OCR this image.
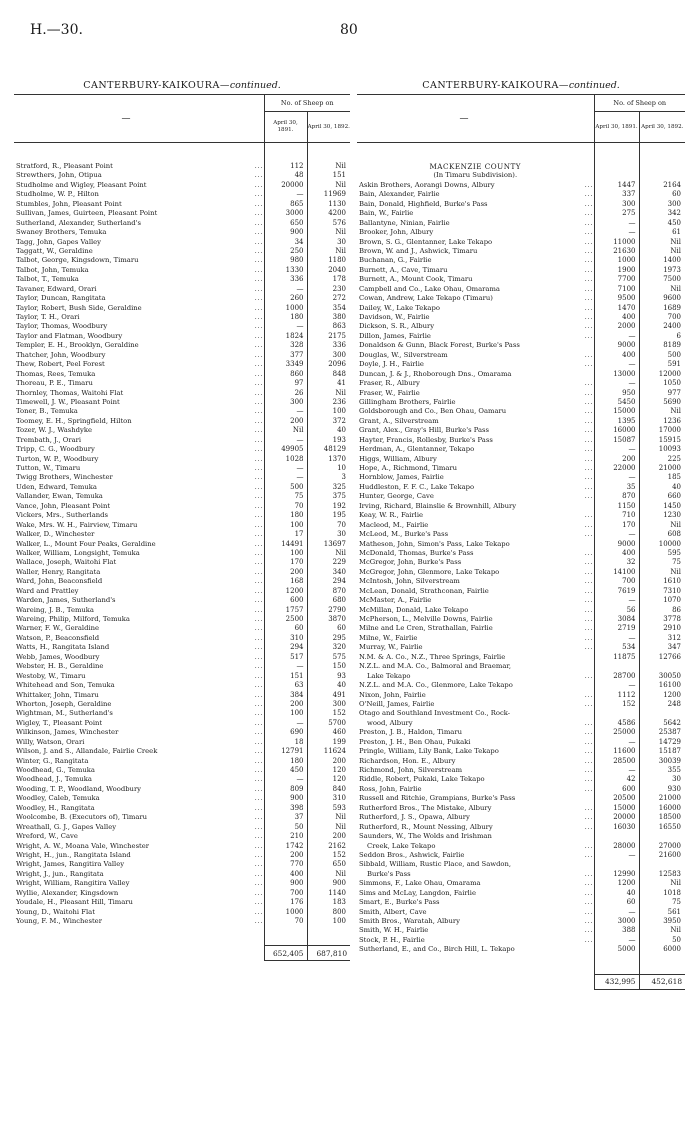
H.—30.	80
CANTERBURY-KAIKOURA—continued.
—		No. of Sheep on	
		April 30, 1891.	April 30, 1892.

Stratford, R., Pleasant Point	...	112	Nil
Strewthers, John, Otipua	...	48	151
Studholme and Wigley, Pleasant Point	...	20000	Nil
Studholme, W. P., Hilton	...	—	11969
Stumbles, John, Pleasant Point	...	865	1130
Sullivan, James, Guirteen, Pleasant Point	...	3000	4200
Sutherland, Alexander, Sutherland's	...	650	576
Swaney Brothers, Temuka	...	900	Nil
Tagg, John, Gapes Valley	...	34	30
Taggatt, W., Geraldine	...	250	Nil
Talbot, George, Kingsdown, Timaru	...	980	1180
Talbot, John, Temuka	...	1330	2040
Talbot, T., Temuka	...	336	178
Tavaner, Edward, Orari	...	—	230
Taylor, Duncan, Rangitata	...	260	272
Taylor, Robert, Bush Side, Geraldine	...	1000	354
Taylor, T. H., Orari	...	180	380
Taylor, Thomas, Woodbury	...	—	863
Taylor and Flatman, Woodbury	...	1824	2175
Templer, E. H., Brooklyn, Geraldine	...	328	336
Thatcher, John, Woodbury	...	377	300
Thew, Robert, Peel Forest	...	3349	2096
Thomas, Rees, Temuka	...	860	848
Thoreau, P. E., Timaru	...	97	41
Thornley, Thomas, Waitohi Flat	...	26	Nil
Timewell, J. W., Pleasant Point	...	300	236
Toner, B., Temuka	...	—	100
Toomey, E. H., Springfield, Hilton	...	200	372
Tozer, W. J., Washdyke	...	Nil	40
Trembath, J., Orari	...	—	193
Tripp, C. G., Woodbury	...	49905	48129
Turton, W. P., Woodbury	...	1028	1370
Tutton, W., Timaru	...	—	10
Twigg Brothers, Winchester	...	—	3
Uden, Edward, Temuka	...	500	325
Vallander, Ewan, Temuka	...	75	375
Vance, John, Pleasant Point	...	70	192
Vickers, Mrs., Sutherlands	...	180	195
Wake, Mrs. W. H., Fairview, Timaru	...	100	70
Walker, D., Winchester	...	17	30
Walker, L., Mount Four Peaks, Geraldine	...	14491	13697
Walker, William, Longsight, Temuka	...	100	Nil
Wallace, Joseph, Waitohi Flat	...	170	229
Waller, Henry, Rangitata	...	200	340
Ward, John, Beaconsfield	...	168	294
Ward and Prattley	...	1200	870
Warden, James, Sutherland's	...	600	680
Wareing, J. B., Temuka	...	1757	2790
Wareing, Philip, Milford, Temuka	...	2500	3870
Warner, F. W., Geraldine	...	60	60
Watson, P., Beaconsfield	...	310	295
Watts, H., Rangitata Island	...	294	320
Webb, James, Woodbury	...	517	575
Webster, H. B., Geraldine	...	—	150
Westoby, W., Timaru	...	151	93
Whitehead and Son, Temuka	...	63	40
Whittaker, John, Timaru	...	384	491
Whorton, Joseph, Geraldine	...	200	300
Wightman, M., Sutherland's	...	100	152
Wigley, T., Pleasant Point	...	—	5700
Wilkinson, James, Winchester	...	690	460
Willy, Watson, Orari	...	18	199
Wilson, J. and S., Allandale, Fairlie Creek	...	12791	11624
Winter, G., Rangitata	...	180	200
Woodhead, G., Temuka	...	450	120
Woodhead, J., Temuka	...	—	120
Wooding, T. P., Woodland, Woodbury	...	809	840
Woodley, Caleb, Temuka	...	900	310
Woodley, H., Rangitata	...	398	593
Woolcombe, B. (Executors of), Timaru	...	37	Nil
Wreathall, G. J., Gapes Valley	...	50	Nil
Wreford, W., Cave	...	210	200
Wright, A. W., Moana Vale, Winchester	...	1742	2162
Wright, H., jun., Rangitata Island	...	200	152
Wright, James, Rangitira Valley	...	770	650
Wright, J., jun., Rangitata	...	400	Nil
Wright, William, Rangitira Valley	...	900	900
Wyllie, Alexander, Kingsdown	...	700	1140
Youdale, H., Pleasant Hill, Timaru	...	176	183
Young, D., Waitohi Flat	...	1000	800
Young, F. M., Winchester	...	70	100

		652,405	687,810
CANTERBURY-KAIKOURA—continued.
—		No. of Sheep on	
		April 30, 1891.	April 30, 1892.

MACKENZIE COUNTY			
(In Timaru Subdivision).			
Askin Brothers, Aorangi Downs, Albury	...	1447	2164
Bain, Alexander, Fairlie	...	337	60
Bain, Donald, Highfield, Burke's Pass	...	300	300
Bain, W., Fairlie	...	275	342
Ballantyne, Ninian, Fairlie	...	—	450
Brooker, John, Albury	...	—	61
Brown, S. G., Glentanner, Lake Tekapo	...	11000	Nil
Brown, W. and J., Ashwick, Timaru	...	21630	Nil
Buchanan, G., Fairlie	...	1000	1400
Burnett, A., Cave, Timaru	...	1900	1973
Burnett, A., Mount Cook, Timaru	...	7700	7500
Campbell and Co., Lake Ohau, Omarama	...	7100	Nil
Cowan, Andrew, Lake Tekapo (Timaru)	...	9500	9600
Dailey, W., Lake Tekapo	...	1470	1689
Davidson, W., Fairlie	...	400	700
Dickson, S. R., Albury	...	2000	2400
Dillon, James, Fairlie	...	—	6
Donaldson & Gunn, Black Forest, Burke's Pass		9000	8189
Douglas, W., Silverstream	...	400	500
Doyle, J. H., Fairlie	...	—	591
Duncan, J. & J., Rhoborough Dns., Omarama		13000	12000
Fraser, R., Albury	...	—	1050
Fraser, W., Fairlie	...	950	977
Gillingham Brothers, Fairlie	...	5450	5690
Goldsborough and Co., Ben Ohau, Oamaru	...	15000	Nil
Grant, A., Silverstream	...	1395	1236
Grant, Alex., Gray's Hill, Burke's Pass	...	16000	17000
Hayter, Francis, Rollesby, Burke's Pass	...	15087	15915
Herdman, A., Glentanner, Tekapo	...	—	10093
Higgs, William, Albury	...	200	225
Hope, A., Richmond, Timaru	...	22000	21000
Hornblow, James, Fairlie	...	—	185
Huddleston, F. F. C., Lake Tekapo	...	35	40
Hunter, George, Cave	...	870	660
Irving, Richard, Blainslie & Brownhill, Albury		1150	1450
Keay, W. R., Fairlie	...	710	1230
Macleod, M., Fairlie	...	170	Nil
McLeod, M., Burke's Pass	...	—	608
Matheson, John, Simon's Pass, Lake Tekapo		9000	10000
McDonald, Thomas, Burke's Pass	...	400	595
McGregor, John, Burke's Pass	...	32	75
McGregor, John, Glenmore, Lake Tekapo	...	14100	Nil
McIntosh, John, Silverstream	...	700	1610
McLean, Donald, Strathconan, Fairlie	...	7619	7310
McMaster, A., Fairlie	...	—	1070
McMillan, Donald, Lake Tekapo	...	56	86
McPherson, L., Melville Downs, Fairlie	...	3084	3778
Milne and Le Cren, Strathallan, Fairlie	...	2719	2910
Milne, W., Fairlie	...	—	312
Murray, W., Fairlie	...	534	347
N.M. & A. Co., N.Z., Three Springs, Fairlie		11875	12766
N.Z.L. and M.A. Co., Balmoral and Braemar,			
Lake Tekapo	...	28700	30050
N.Z.L. and M.A. Co., Glenmore, Lake Tekapo		—	16100
Nixon, John, Fairlie	...	1112	1200
O'Neill, James, Fairlie	...	152	248
Otago and Southland Investment Co., Rock-			
wood, Albury	...	4586	5642
Preston, J. B., Haldon, Timaru	...	25000	25387
Preston, J. H., Ben Ohau, Pukaki	...	—	14729
Pringle, William, Lily Bank, Lake Tekapo	...	11600	15187
Richardson, Hon. E., Albury	...	28500	30039
Richmond, John, Silverstream	...	—	355
Riddle, Robert, Pukaki, Lake Tekapo	...	42	30
Ross, John, Fairlie	...	600	930
Russell and Ritchie, Grampians, Burke's Pass		20500	21000
Rutherford Bros., The Mistake, Albury	...	15000	16000
Rutherford, J. S., Opawa, Albury	...	20000	18500
Rutherford, R., Mount Nessing, Albury	...	16030	16550
Saunders, W., The Wolds and Irishman			
Creek, Lake Tekapo	...	28000	27000
Seddon Bros., Ashwick, Fairlie	...	—	21600
Sibbald, William, Rustic Place, and Sawdon,			
Burke's Pass	...	12990	12583
Simmons, F., Lake Ohau, Omarama	...	1200	Nil
Sims and McLay, Langdon, Fairlie	...	40	1018
Smart, E., Burke's Pass	...	60	75
Smith, Albert, Cave	...	—	561
Smith Bros., Waratah, Albury	...	3000	3950
Smith, W. H., Fairlie	...	388	Nil
Stock, P. H., Fairlie	...	—	50
Sutherland, E., and Co., Birch Hill, L. Tekapo		5000	6000

		432,995	452,618
